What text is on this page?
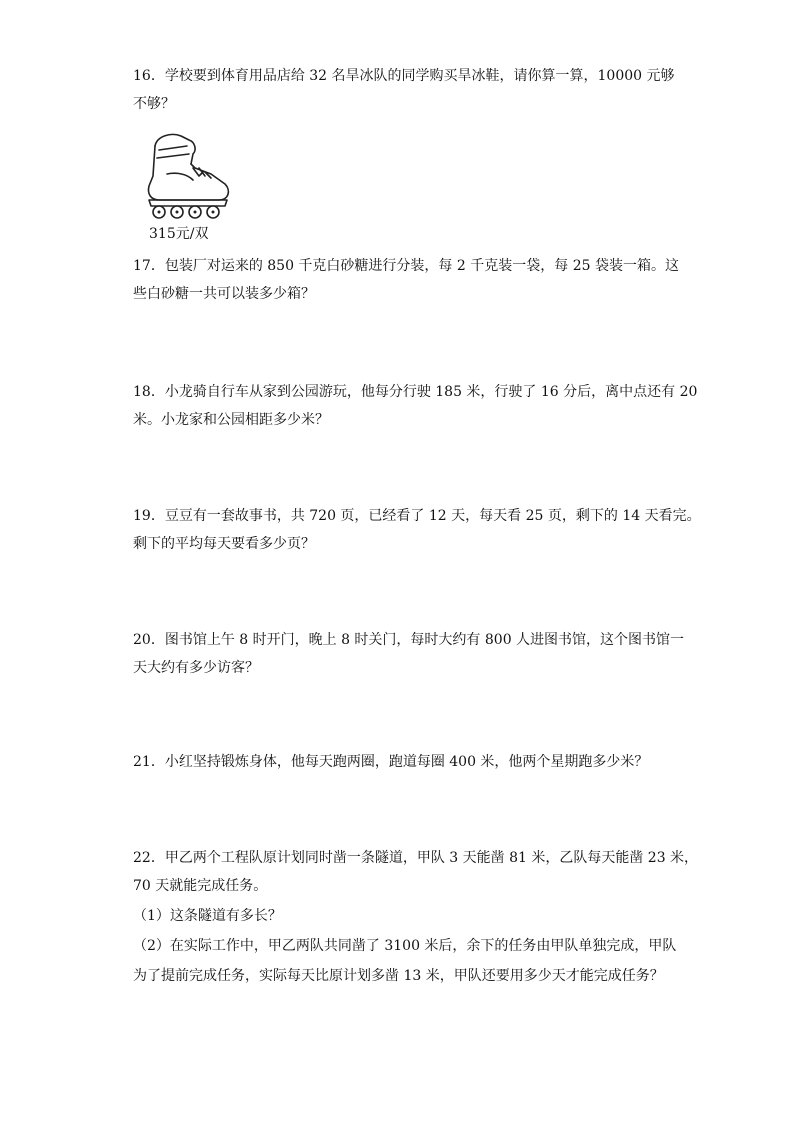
16．学校要到体育用品店给 32 名旱冰队的同学购买旱冰鞋，请你算一算，10000 元够
不够？
315元/双
17．包装厂对运来的 850 千克白砂糖进行分装，每 2 千克装一袋，每 25 袋装一箱。这
些白砂糖一共可以装多少箱？
18．小龙骑自行车从家到公园游玩，他每分行驶 185 米，行驶了 16 分后，离中点还有 20
米。小龙家和公园相距多少米？
19．豆豆有一套故事书，共 720 页，已经看了 12 天，每天看 25 页，剩下的 14 天看完。
剩下的平均每天要看多少页？
20．图书馆上午 8 时开门，晚上 8 时关门，每时大约有 800 人进图书馆，这个图书馆一
天大约有多少访客？
21．小红坚持锻炼身体，他每天跑两圈，跑道每圈 400 米，他两个星期跑多少米？
22．甲乙两个工程队原计划同时凿一条隧道，甲队 3 天能凿 81 米，乙队每天能凿 23 米，
70 天就能完成任务。
（1）这条隧道有多长？
（2）在实际工作中，甲乙两队共同凿了 3100 米后，余下的任务由甲队单独完成，甲队
为了提前完成任务，实际每天比原计划多凿 13 米，甲队还要用多少天才能完成任务？
